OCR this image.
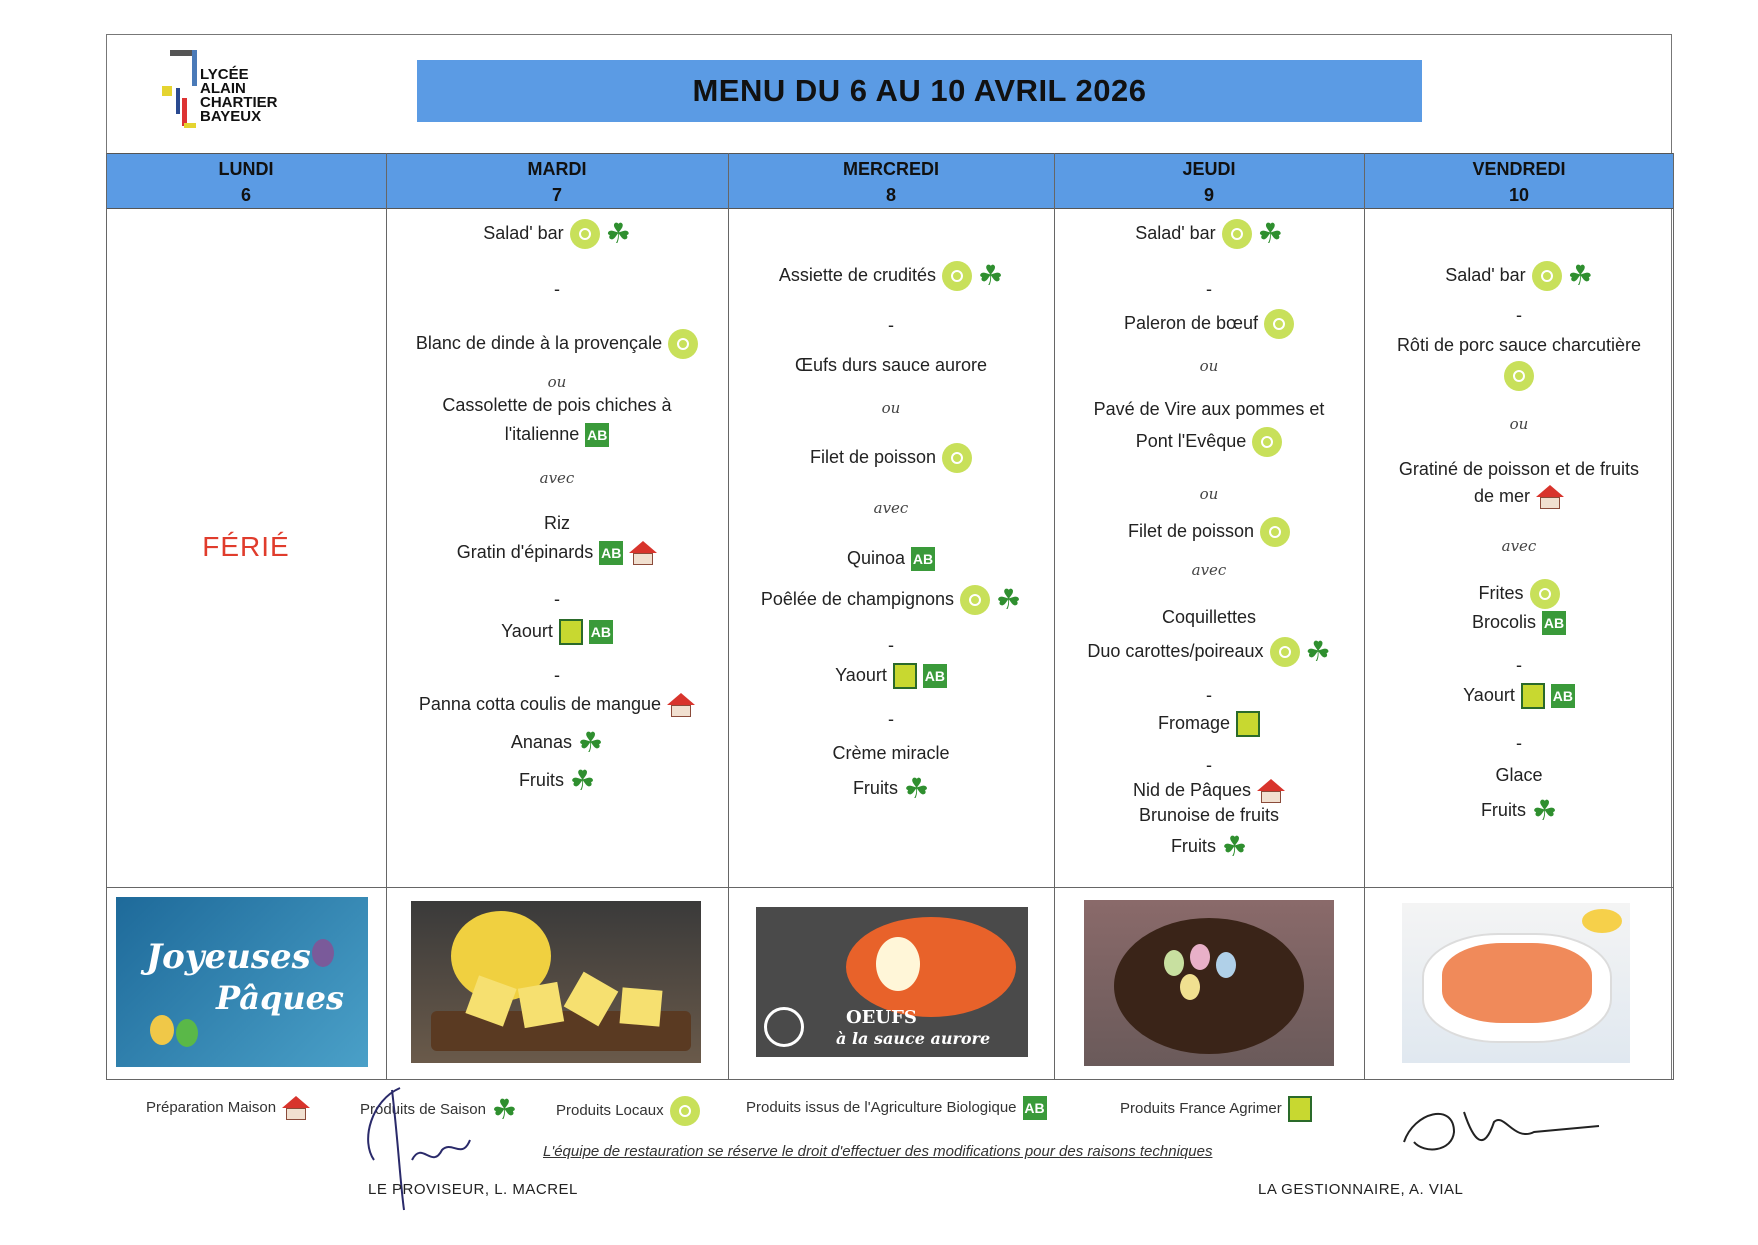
LYCÉE
ALAIN
CHARTIER
BAYEUX
MENU DU 6 AU 10 AVRIL 2026
LUNDI
6
MARDI
7
MERCREDI
8
JEUDI
9
VENDREDI
10
FÉRIÉ
Salad' bar ☘
-
Blanc de dinde à la provençale
ou
Cassolette de pois chiches à
l'italienne AB
avec
Riz
Gratin d'épinards AB
-
Yaourt	AB
-
Panna cotta coulis de mangue
Ananas ☘
Fruits ☘
Assiette de crudités ☘
-
Œufs durs sauce aurore
ou
Filet de poisson
avec
Quinoa AB
Poêlée de champignons ☘
-
Yaourt	AB
-
Crème miracle
Fruits ☘
Salad' bar ☘
-
Paleron de bœuf
ou
Pavé de Vire aux pommes et
Pont l'Evêque
ou
Filet de poisson
avec
Coquillettes
Duo carottes/poireaux ☘
-
Fromage
-
Nid de Pâques
Brunoise de fruits
Fruits ☘
Salad' bar ☘
-
Rôti de porc sauce charcutière
ou
Gratiné de poisson et de fruits
de mer
avec
Frites
Brocolis AB
-
Yaourt	AB
-
Glace
Fruits ☘
Joyeuses
Pâques
OEUFS
à la sauce aurore
Préparation Maison	Produits de Saison ☘	Produits Locaux	Produits issus de l'Agriculture Biologique AB	Produits France Agrimer
L'équipe de restauration se réserve le droit d'effectuer des modifications pour des raisons techniques
LE PROVISEUR, L. MACREL	LA GESTIONNAIRE, A. VIAL
